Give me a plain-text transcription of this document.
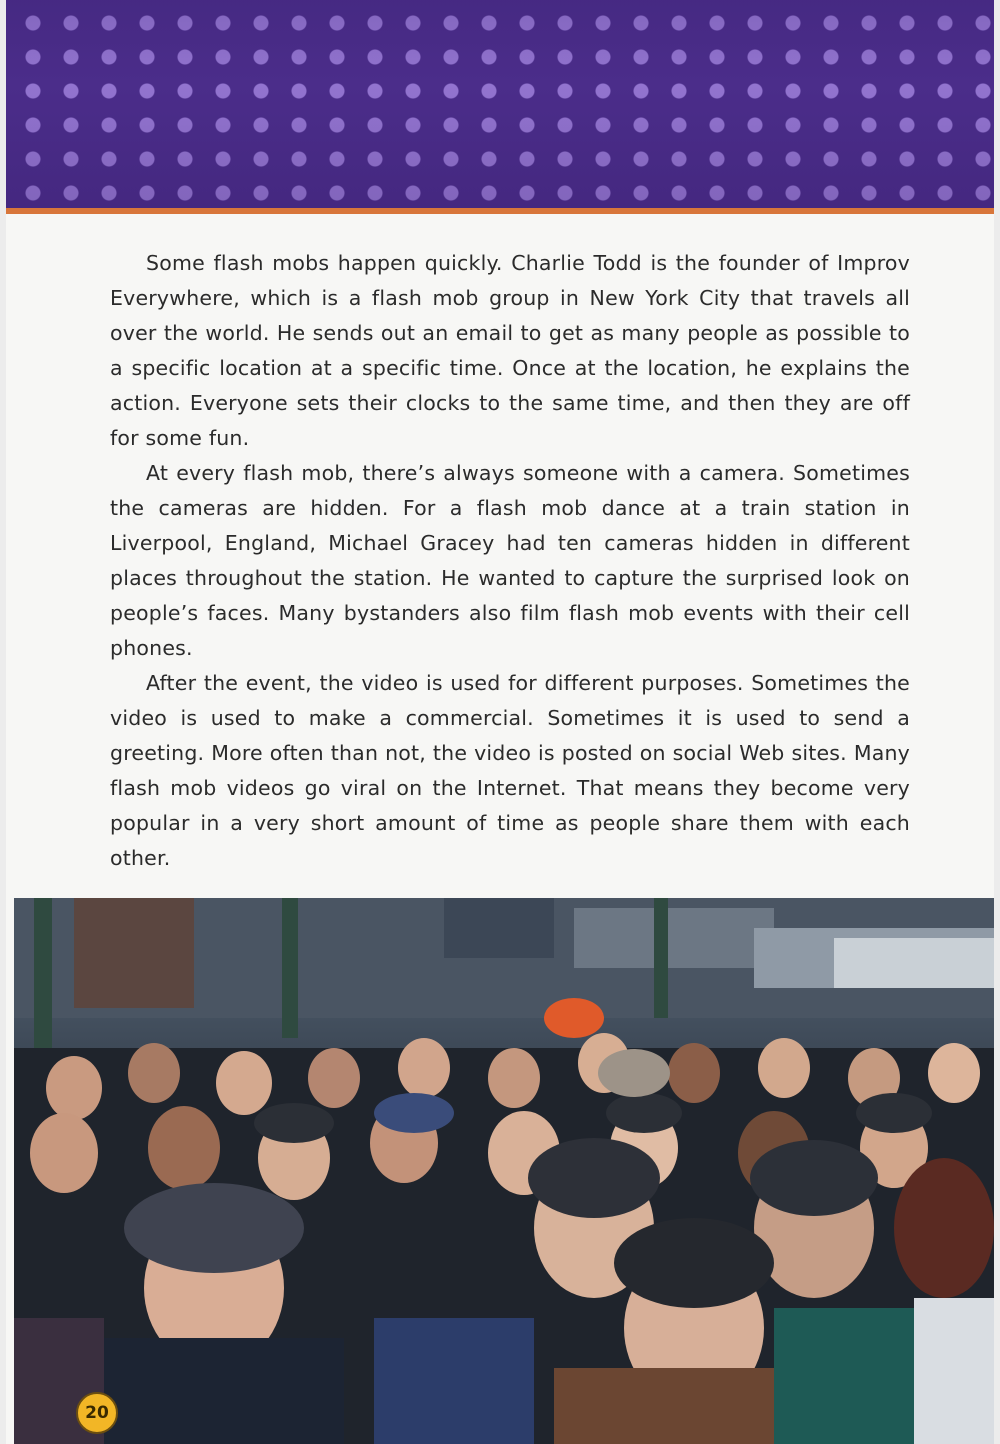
Some flash mobs happen quickly. Charlie Todd is the founder of Improv Everywhere, which is a flash mob group in New York City that travels all over the world. He sends out an email to get as many people as possible to a specific location at a specific time. Once at the location, he explains the action. Everyone sets their clocks to the same time, and then they are off for some fun.

At every flash mob, there’s always someone with a camera. Sometimes the cameras are hidden. For a flash mob dance at a train station in Liverpool, England, Michael Gracey had ten cameras hidden in different places throughout the station. He wanted to capture the surprised look on people’s faces. Many bystanders also film flash mob events with their cell phones.

After the event, the video is used for different purposes. Sometimes the video is used to make a commercial. Sometimes it is used to send a greeting. More often than not, the video is posted on social Web sites. Many flash mob videos go viral on the Internet. That means they become very popular in a very short amount of time as people share them with each other.

20
